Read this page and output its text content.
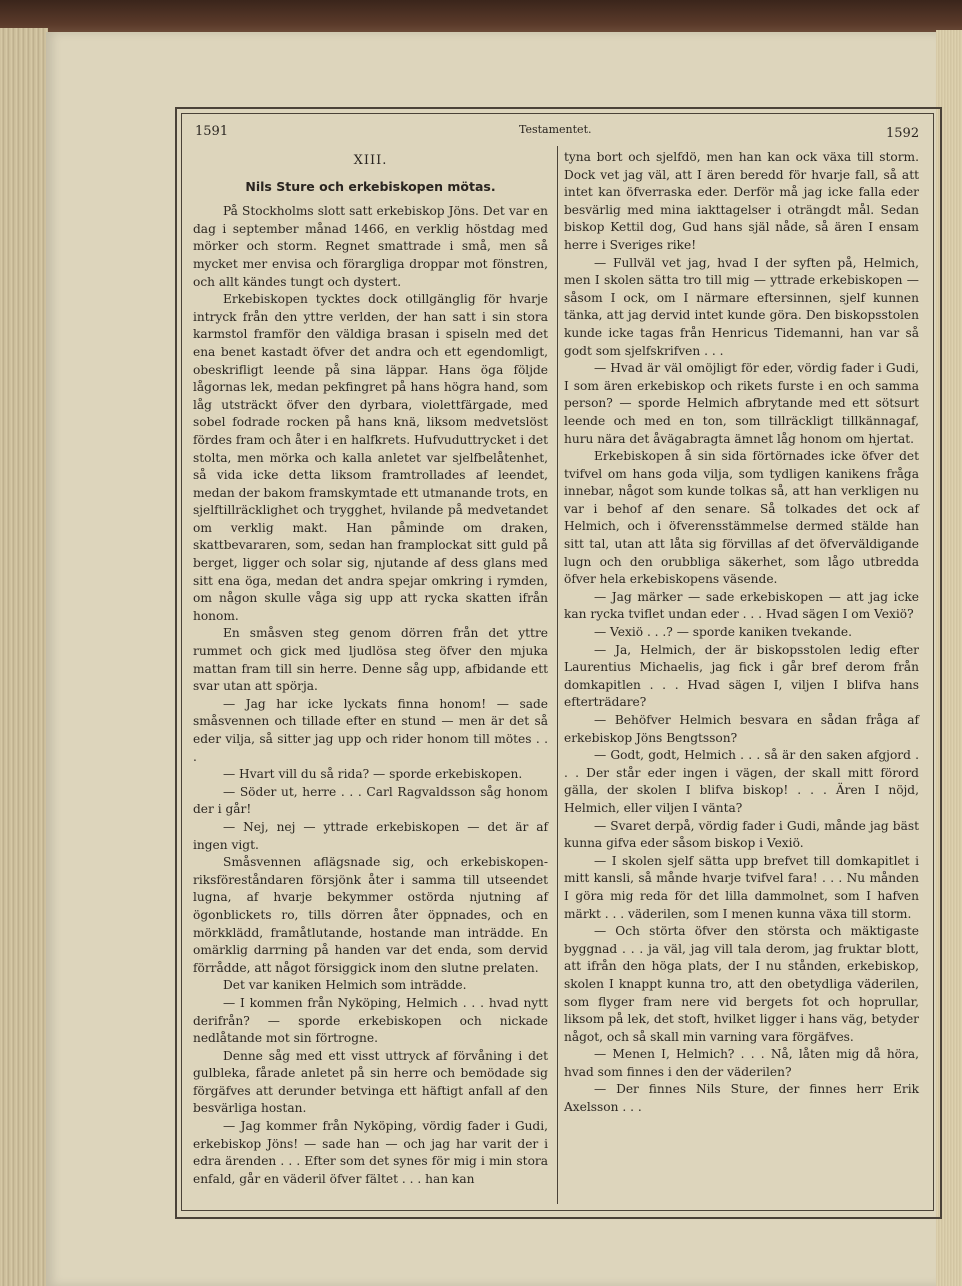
1591	Testamentet.	1592
XIII.
Nils Sture och erkebiskopen mötas.

På Stockholms slott satt erkebiskop Jöns. Det var en dag i september månad 1466, en verklig höstdag med mörker och storm. Regnet smattrade i små, men så mycket mer envisa och förargliga droppar mot fönstren, och allt kändes tungt och dystert.

Erkebiskopen tycktes dock otillgänglig för hvarje intryck från den yttre verlden, der han satt i sin stora karmstol framför den väldiga brasan i spiseln med det ena benet kastadt öfver det andra och ett egendomligt, obeskrifligt leende på sina läppar. Hans öga följde lågornas lek, medan pekfingret på hans högra hand, som låg utsträckt öfver den dyrbara, violettfärgade, med sobel fodrade rocken på hans knä, liksom medvetslöst fördes fram och åter i en halfkrets. Hufvuduttrycket i det stolta, men mörka och kalla anletet var sjelfbelåtenhet, så vida icke detta liksom framtrollades af leendet, medan der bakom framskymtade ett utmanande trots, en sjelftillräcklighet och trygghet, hvilande på medvetandet om verklig makt. Han påminde om draken, skattbevararen, som, sedan han framplockat sitt guld på berget, ligger och solar sig, njutande af dess glans med sitt ena öga, medan det andra spejar omkring i rymden, om någon skulle våga sig upp att rycka skatten ifrån honom.

En småsven steg genom dörren från det yttre rummet och gick med ljudlösa steg öfver den mjuka mattan fram till sin herre. Denne såg upp, afbidande ett svar utan att spörja.

— Jag har icke lyckats finna honom! — sade småsvennen och tillade efter en stund — men är det så eder vilja, så sitter jag upp och rider honom till mötes . . .

— Hvart vill du så rida? — sporde erkebiskopen.

— Söder ut, herre . . . Carl Ragvaldsson såg honom der i går!

— Nej, nej — yttrade erkebiskopen — det är af ingen vigt.

Småsvennen aflägsnade sig, och erkebiskopen-riksföreståndaren försjönk åter i samma till utseendet lugna, af hvarje bekymmer ostörda njutning af ögonblickets ro, tills dörren åter öppnades, och en mörkklädd, framåtlutande, hostande man inträdde. En omärklig darrning på handen var det enda, som dervid förrådde, att något försiggick inom den slutne prelaten.

Det var kaniken Helmich som inträdde.

— I kommen från Nyköping, Helmich . . . hvad nytt derifrån? — sporde erkebiskopen och nickade nedlåtande mot sin förtrogne.

Denne såg med ett visst uttryck af förvåning i det gulbleka, fårade anletet på sin herre och bemödade sig förgäfves att derunder betvinga ett häftigt anfall af den besvärliga hostan.

— Jag kommer från Nyköping, vördig fader i Gudi, erkebiskop Jöns! — sade han — och jag har varit der i edra ärenden . . . Efter som det synes för mig i min stora enfald, går en väderil öfver fältet . . . han kan

tyna bort och sjelfdö, men han kan ock växa till storm. Dock vet jag väl, att I ären beredd för hvarje fall, så att intet kan öfverraska eder. Derför må jag icke falla eder besvärlig med mina iakttagelser i oträngdt mål. Sedan biskop Kettil dog, Gud hans själ nåde, så ären I ensam herre i Sveriges rike!

— Fullväl vet jag, hvad I der syften på, Helmich, men I skolen sätta tro till mig — yttrade erkebiskopen — såsom I ock, om I närmare eftersinnen, sjelf kunnen tänka, att jag dervid intet kunde göra. Den biskopsstolen kunde icke tagas från Henricus Tidemanni, han var så godt som sjelfskrifven . . .

— Hvad är väl omöjligt för eder, vördig fader i Gudi, I som ären erkebiskop och rikets furste i en och samma person? — sporde Helmich afbrytande med ett sötsurt leende och med en ton, som tillräckligt tillkännagaf, huru nära det åvägabragta ämnet låg honom om hjertat.

Erkebiskopen å sin sida förtörnades icke öfver det tvifvel om hans goda vilja, som tydligen kanikens fråga innebar, något som kunde tolkas så, att han verkligen nu var i behof af den senare. Så tolkades det ock af Helmich, och i öfverensstämmelse dermed stälde han sitt tal, utan att låta sig förvillas af det öfverväldigande lugn och den orubbliga säkerhet, som lågo utbredda öfver hela erkebiskopens väsende.

— Jag märker — sade erkebiskopen — att jag icke kan rycka tviflet undan eder . . . Hvad sägen I om Vexiö?

— Vexiö . . .? — sporde kaniken tvekande.

— Ja, Helmich, der är biskopsstolen ledig efter Laurentius Michaelis, jag fick i går bref derom från domkapitlen . . . Hvad sägen I, viljen I blifva hans efterträdare?

— Behöfver Helmich besvara en sådan fråga af erkebiskop Jöns Bengtsson?

— Godt, godt, Helmich . . . så är den saken afgjord . . . Der står eder ingen i vägen, der skall mitt förord gälla, der skolen I blifva biskop! . . . Ären I nöjd, Helmich, eller viljen I vänta?

— Svaret derpå, vördig fader i Gudi, månde jag bäst kunna gifva eder såsom biskop i Vexiö.

— I skolen sjelf sätta upp brefvet till domkapitlet i mitt kansli, så månde hvarje tvifvel fara! . . . Nu månden I göra mig reda för det lilla dammolnet, som I hafven märkt . . . väderilen, som I menen kunna växa till storm.

— Och störta öfver den största och mäktigaste byggnad . . . ja väl, jag vill tala derom, jag fruktar blott, att ifrån den höga plats, der I nu stånden, erkebiskop, skolen I knappt kunna tro, att den obetydliga väderilen, som flyger fram nere vid bergets fot och hoprullar, liksom på lek, det stoft, hvilket ligger i hans väg, betyder något, och så skall min varning vara förgäfves.

— Menen I, Helmich? . . . Nå, låten mig då höra, hvad som finnes i den der väderilen?

— Der finnes Nils Sture, der finnes herr Erik Axelsson . . .
